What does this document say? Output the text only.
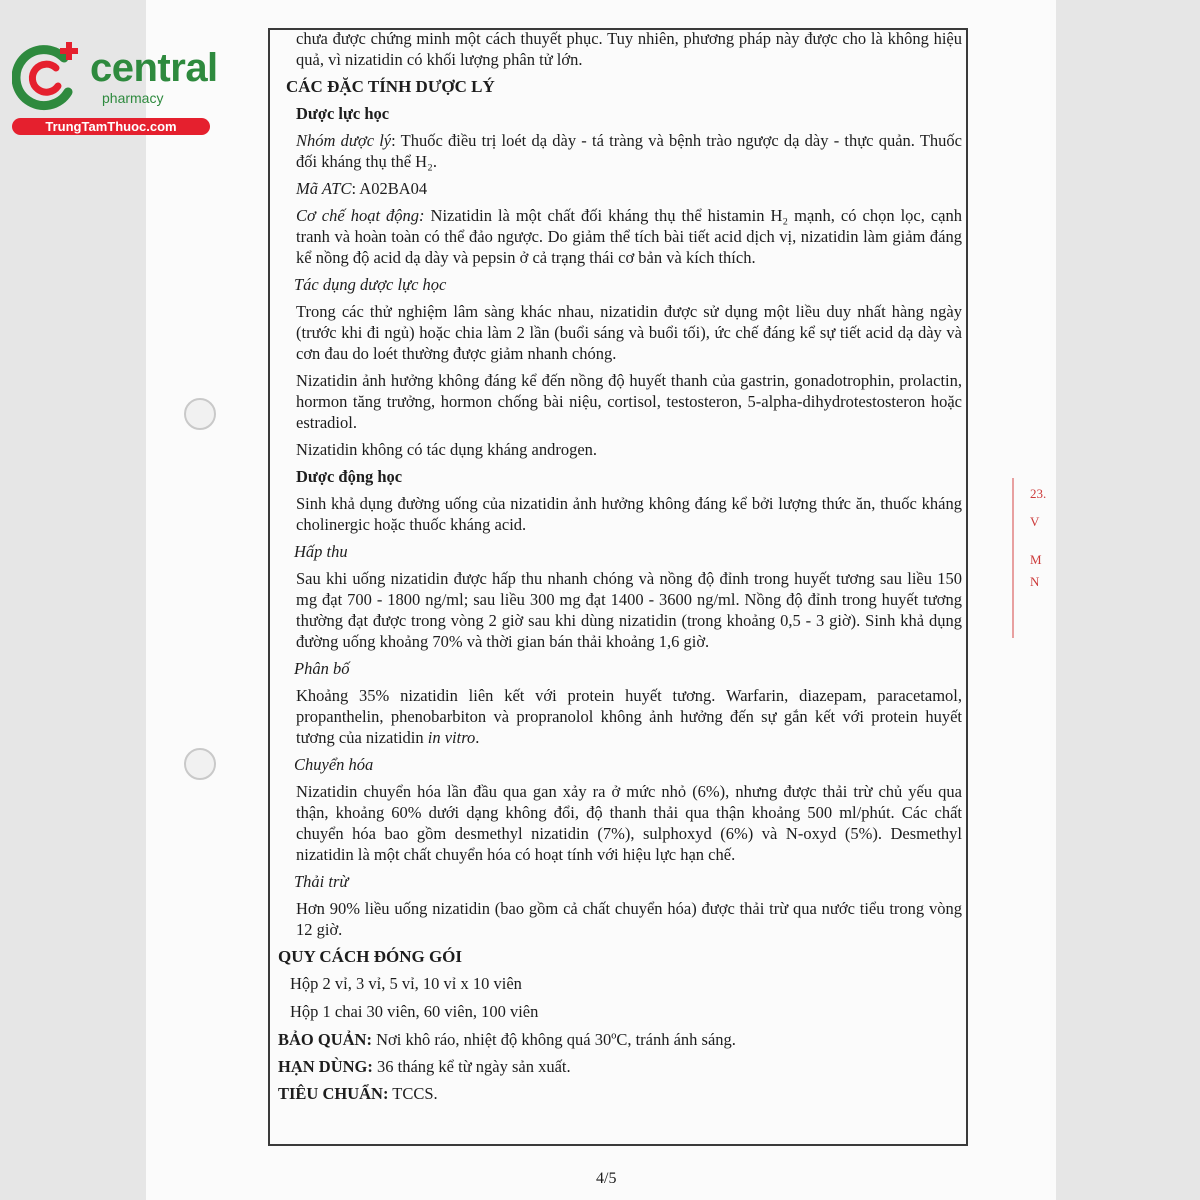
central
pharmacy
TrungTamThuoc.com
23.
V
M
N

chưa được chứng minh một cách thuyết phục. Tuy nhiên, phương pháp này được cho là không hiệu quả, vì nizatidin có khối lượng phân tử lớn.

CÁC ĐẶC TÍNH DƯỢC LÝ

Dược lực học

Nhóm dược lý: Thuốc điều trị loét dạ dày - tá tràng và bệnh trào ngược dạ dày - thực quản. Thuốc đối kháng thụ thể H₂.

Mã ATC: A02BA04

Cơ chế hoạt động: Nizatidin là một chất đối kháng thụ thể histamin H₂ mạnh, có chọn lọc, cạnh tranh và hoàn toàn có thể đảo ngược. Do giảm thể tích bài tiết acid dịch vị, nizatidin làm giảm đáng kể nồng độ acid dạ dày và pepsin ở cả trạng thái cơ bản và kích thích.

Tác dụng dược lực học

Trong các thử nghiệm lâm sàng khác nhau, nizatidin được sử dụng một liều duy nhất hàng ngày (trước khi đi ngủ) hoặc chia làm 2 lần (buổi sáng và buổi tối), ức chế đáng kể sự tiết acid dạ dày và cơn đau do loét thường được giảm nhanh chóng.

Nizatidin ảnh hưởng không đáng kể đến nồng độ huyết thanh của gastrin, gonadotrophin, prolactin, hormon tăng trưởng, hormon chống bài niệu, cortisol, testosteron, 5-alpha-dihydrotestosteron hoặc estradiol.

Nizatidin không có tác dụng kháng androgen.

Dược động học

Sinh khả dụng đường uống của nizatidin ảnh hưởng không đáng kể bởi lượng thức ăn, thuốc kháng cholinergic hoặc thuốc kháng acid.

Hấp thu

Sau khi uống nizatidin được hấp thu nhanh chóng và nồng độ đỉnh trong huyết tương sau liều 150 mg đạt 700 - 1800 ng/ml; sau liều 300 mg đạt 1400 - 3600 ng/ml. Nồng độ đỉnh trong huyết tương thường đạt được trong vòng 2 giờ sau khi dùng nizatidin (trong khoảng 0,5 - 3 giờ). Sinh khả dụng đường uống khoảng 70% và thời gian bán thải khoảng 1,6 giờ.

Phân bố

Khoảng 35% nizatidin liên kết với protein huyết tương. Warfarin, diazepam, paracetamol, propanthelin, phenobarbiton và propranolol không ảnh hưởng đến sự gắn kết với protein huyết tương của nizatidin in vitro.

Chuyển hóa

Nizatidin chuyển hóa lần đầu qua gan xảy ra ở mức nhỏ (6%), nhưng được thải trừ chủ yếu qua thận, khoảng 60% dưới dạng không đổi, độ thanh thải qua thận khoảng 500 ml/phút. Các chất chuyển hóa bao gồm desmethyl nizatidin (7%), sulphoxyd (6%) và N-oxyd (5%). Desmethyl nizatidin là một chất chuyển hóa có hoạt tính với hiệu lực hạn chế.

Thải trừ

Hơn 90% liều uống nizatidin (bao gồm cả chất chuyển hóa) được thải trừ qua nước tiểu trong vòng 12 giờ.

QUY CÁCH ĐÓNG GÓI

Hộp 2 vỉ, 3 vỉ, 5 vỉ, 10 vỉ x 10 viên

Hộp 1 chai 30 viên, 60 viên, 100 viên

BẢO QUẢN: Nơi khô ráo, nhiệt độ không quá 30ºC, tránh ánh sáng.

HẠN DÙNG: 36 tháng kể từ ngày sản xuất.

TIÊU CHUẨN: TCCS.

4/5
